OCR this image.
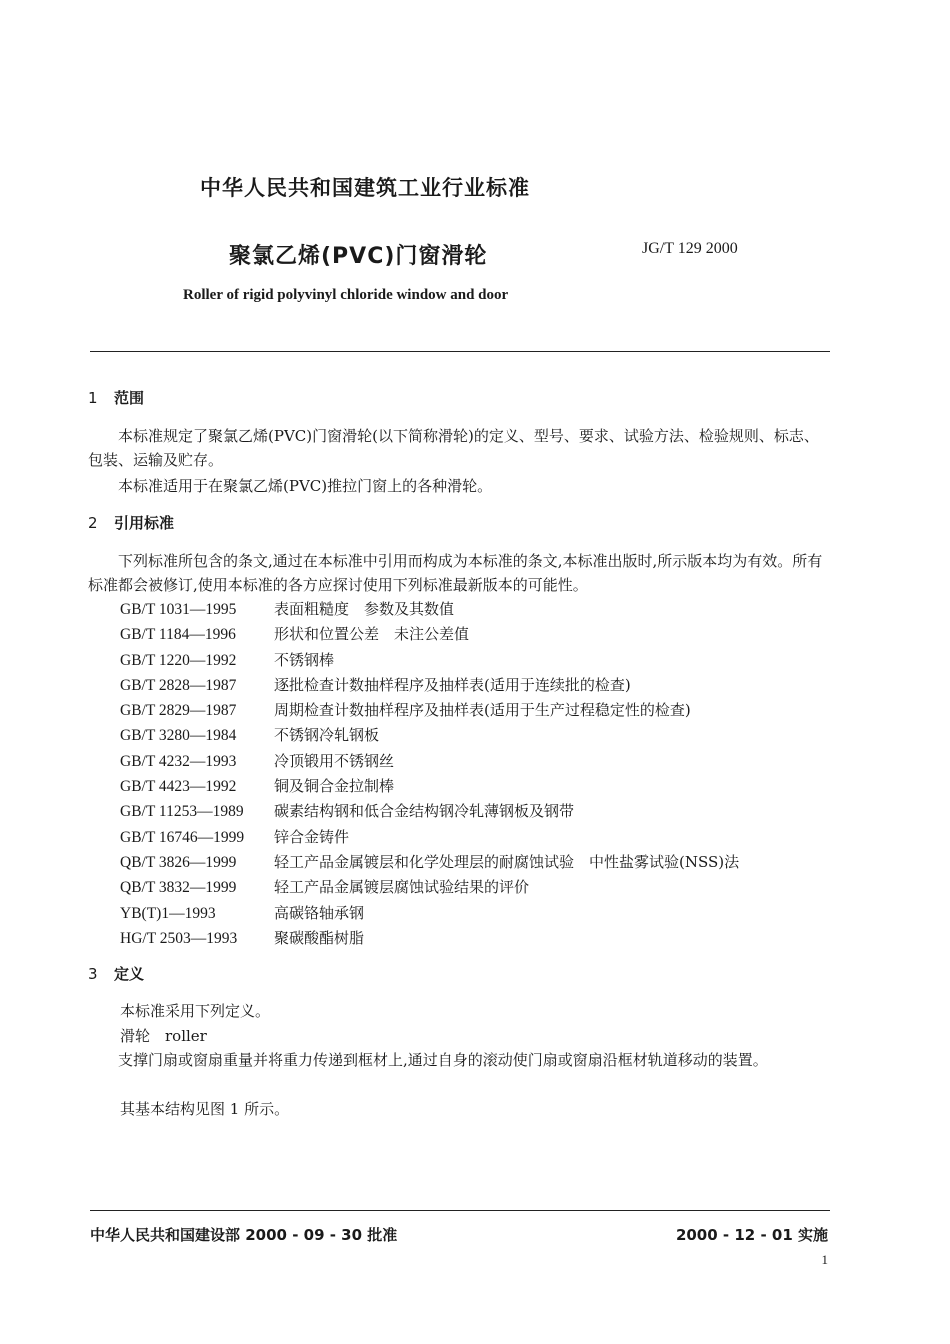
中华人民共和国建筑工业行业标准
聚氯乙烯(PVC)门窗滑轮	JG/T 129 2000
Roller of rigid polyvinyl chloride window and door
1 范围
本标准规定了聚氯乙烯(PVC)门窗滑轮(以下简称滑轮)的定义、型号、要求、试验方法、检验规则、标志、包装、运输及贮存。
本标准适用于在聚氯乙烯(PVC)推拉门窗上的各种滑轮。
2 引用标准
下列标准所包含的条文,通过在本标准中引用而构成为本标准的条文,本标准出版时,所示版本均为有效。所有标准都会被修订,使用本标准的各方应探讨使用下列标准最新版本的可能性。
GB/T 1031—1995	表面粗糙度　参数及其数值
GB/T 1184—1996	形状和位置公差　未注公差值
GB/T 1220—1992	不锈钢棒
GB/T 2828—1987	逐批检查计数抽样程序及抽样表(适用于连续批的检查)
GB/T 2829—1987	周期检查计数抽样程序及抽样表(适用于生产过程稳定性的检查)
GB/T 3280—1984	不锈钢冷轧钢板
GB/T 4232—1993	冷顶锻用不锈钢丝
GB/T 4423—1992	铜及铜合金拉制棒
GB/T 11253—1989 碳素结构钢和低合金结构钢冷轧薄钢板及钢带
GB/T 16746—1999 锌合金铸件
QB/T 3826—1999	轻工产品金属镀层和化学处理层的耐腐蚀试验　中性盐雾试验(NSS)法
QB/T 3832—1999	轻工产品金属镀层腐蚀试验结果的评价
YB(T)1—1993	高碳铬轴承钢
HG/T 2503—1993 聚碳酸酯树脂
3 定义
本标准采用下列定义。
滑轮　roller
支撑门扇或窗扇重量并将重力传递到框材上,通过自身的滚动使门扇或窗扇沿框材轨道移动的装置。
其基本结构见图 1 所示。
中华人民共和国建设部 2000 - 09 - 30 批准	2000 - 12 - 01 实施
1
